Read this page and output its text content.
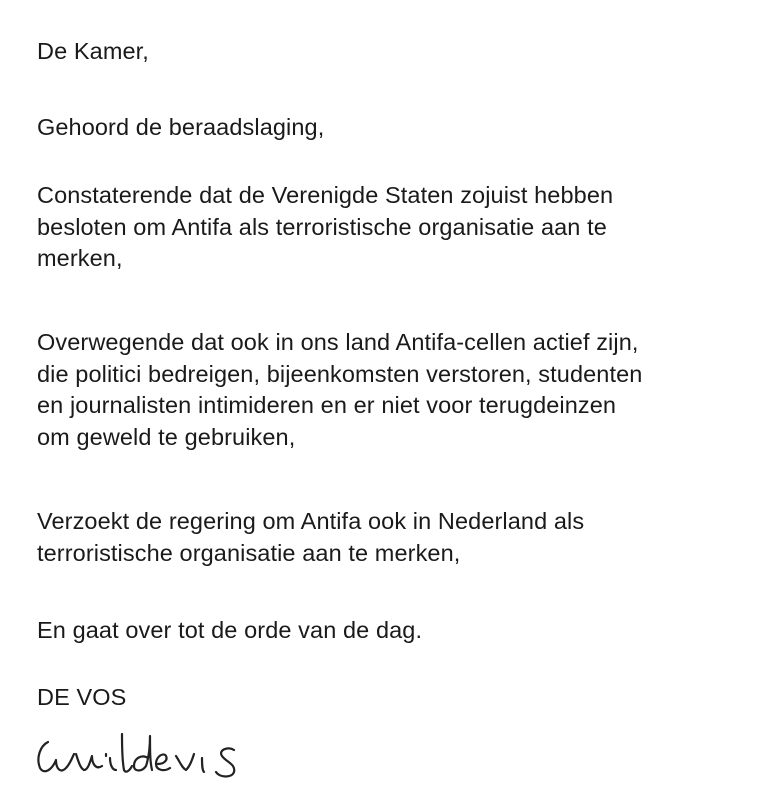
De Kamer,

Gehoord de beraadslaging,

Constaterende dat de Verenigde Staten zojuist hebben
besloten om Antifa als terroristische organisatie aan te
merken,

Overwegende dat ook in ons land Antifa-cellen actief zijn,
die politici bedreigen, bijeenkomsten verstoren, studenten
en journalisten intimideren en er niet voor terugdeinzen
om geweld te gebruiken,

Verzoekt de regering om Antifa ook in Nederland als
terroristische organisatie aan te merken,

En gaat over tot de orde van de dag.

DE VOS
